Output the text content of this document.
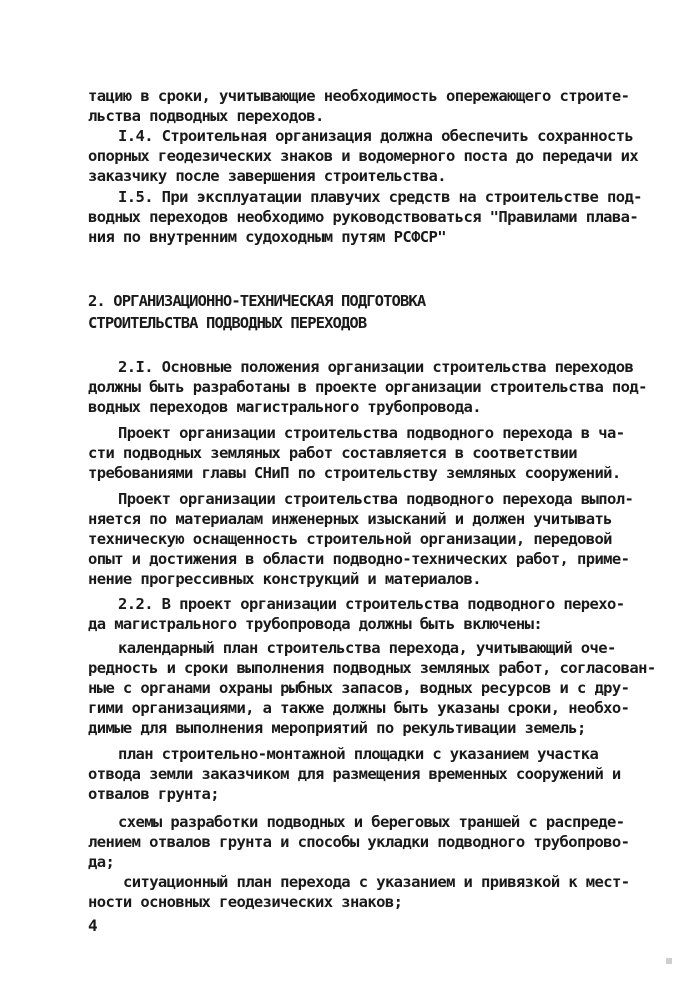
тацию в сроки, учитывающие необходимость опережающего строите-
льства подводных переходов.
I.4. Строительная организация должна обеспечить сохранность
опорных геодезических знаков и водомерного поста до передачи их
заказчику после завершения строительства.
I.5. При эксплуатации плавучих средств на строительстве под-
водных переходов необходимо руководствоваться "Правилами плава-
ния по внутренним судоходным путям РСФСР"
2. ОРГАНИЗАЦИОННО-ТЕХНИЧЕСКАЯ ПОДГОТОВКА
СТРОИТЕЛЬСТВА ПОДВОДНЫХ ПЕРЕХОДОВ
2.I. Основные положения организации строительства переходов
должны быть разработаны в проекте организации строительства под-
водных переходов магистрального трубопровода.
Проект организации строительства подводного перехода в ча-
сти подводных земляных работ составляется в соответствии
требованиями главы СНиП по строительству земляных сооружений.
Проект организации строительства подводного перехода выпол-
няется по материалам инженерных изысканий и должен учитывать
техническую оснащенность строительной организации, передовой
опыт и достижения в области подводно-технических работ, приме-
нение прогрессивных конструкций и материалов.
2.2. В проект организации строительства подводного перехо-
да магистрального трубопровода должны быть включены:
календарный план строительства перехода, учитывающий оче-
редность и сроки выполнения подводных земляных работ, согласован-
ные с органами охраны рыбных запасов, водных ресурсов и с дру-
гими организациями, а также должны быть указаны сроки, необхо-
димые для выполнения мероприятий по рекультивации земель;
план строительно-монтажной площадки с указанием участка
отвода земли заказчиком для размещения временных сооружений и
отвалов грунта;
схемы разработки подводных и береговых траншей с распреде-
лением отвалов грунта и способы укладки подводного трубопрово-
да;
ситуационный план перехода с указанием и привязкой к мест-
ности основных геодезических знаков;
4
